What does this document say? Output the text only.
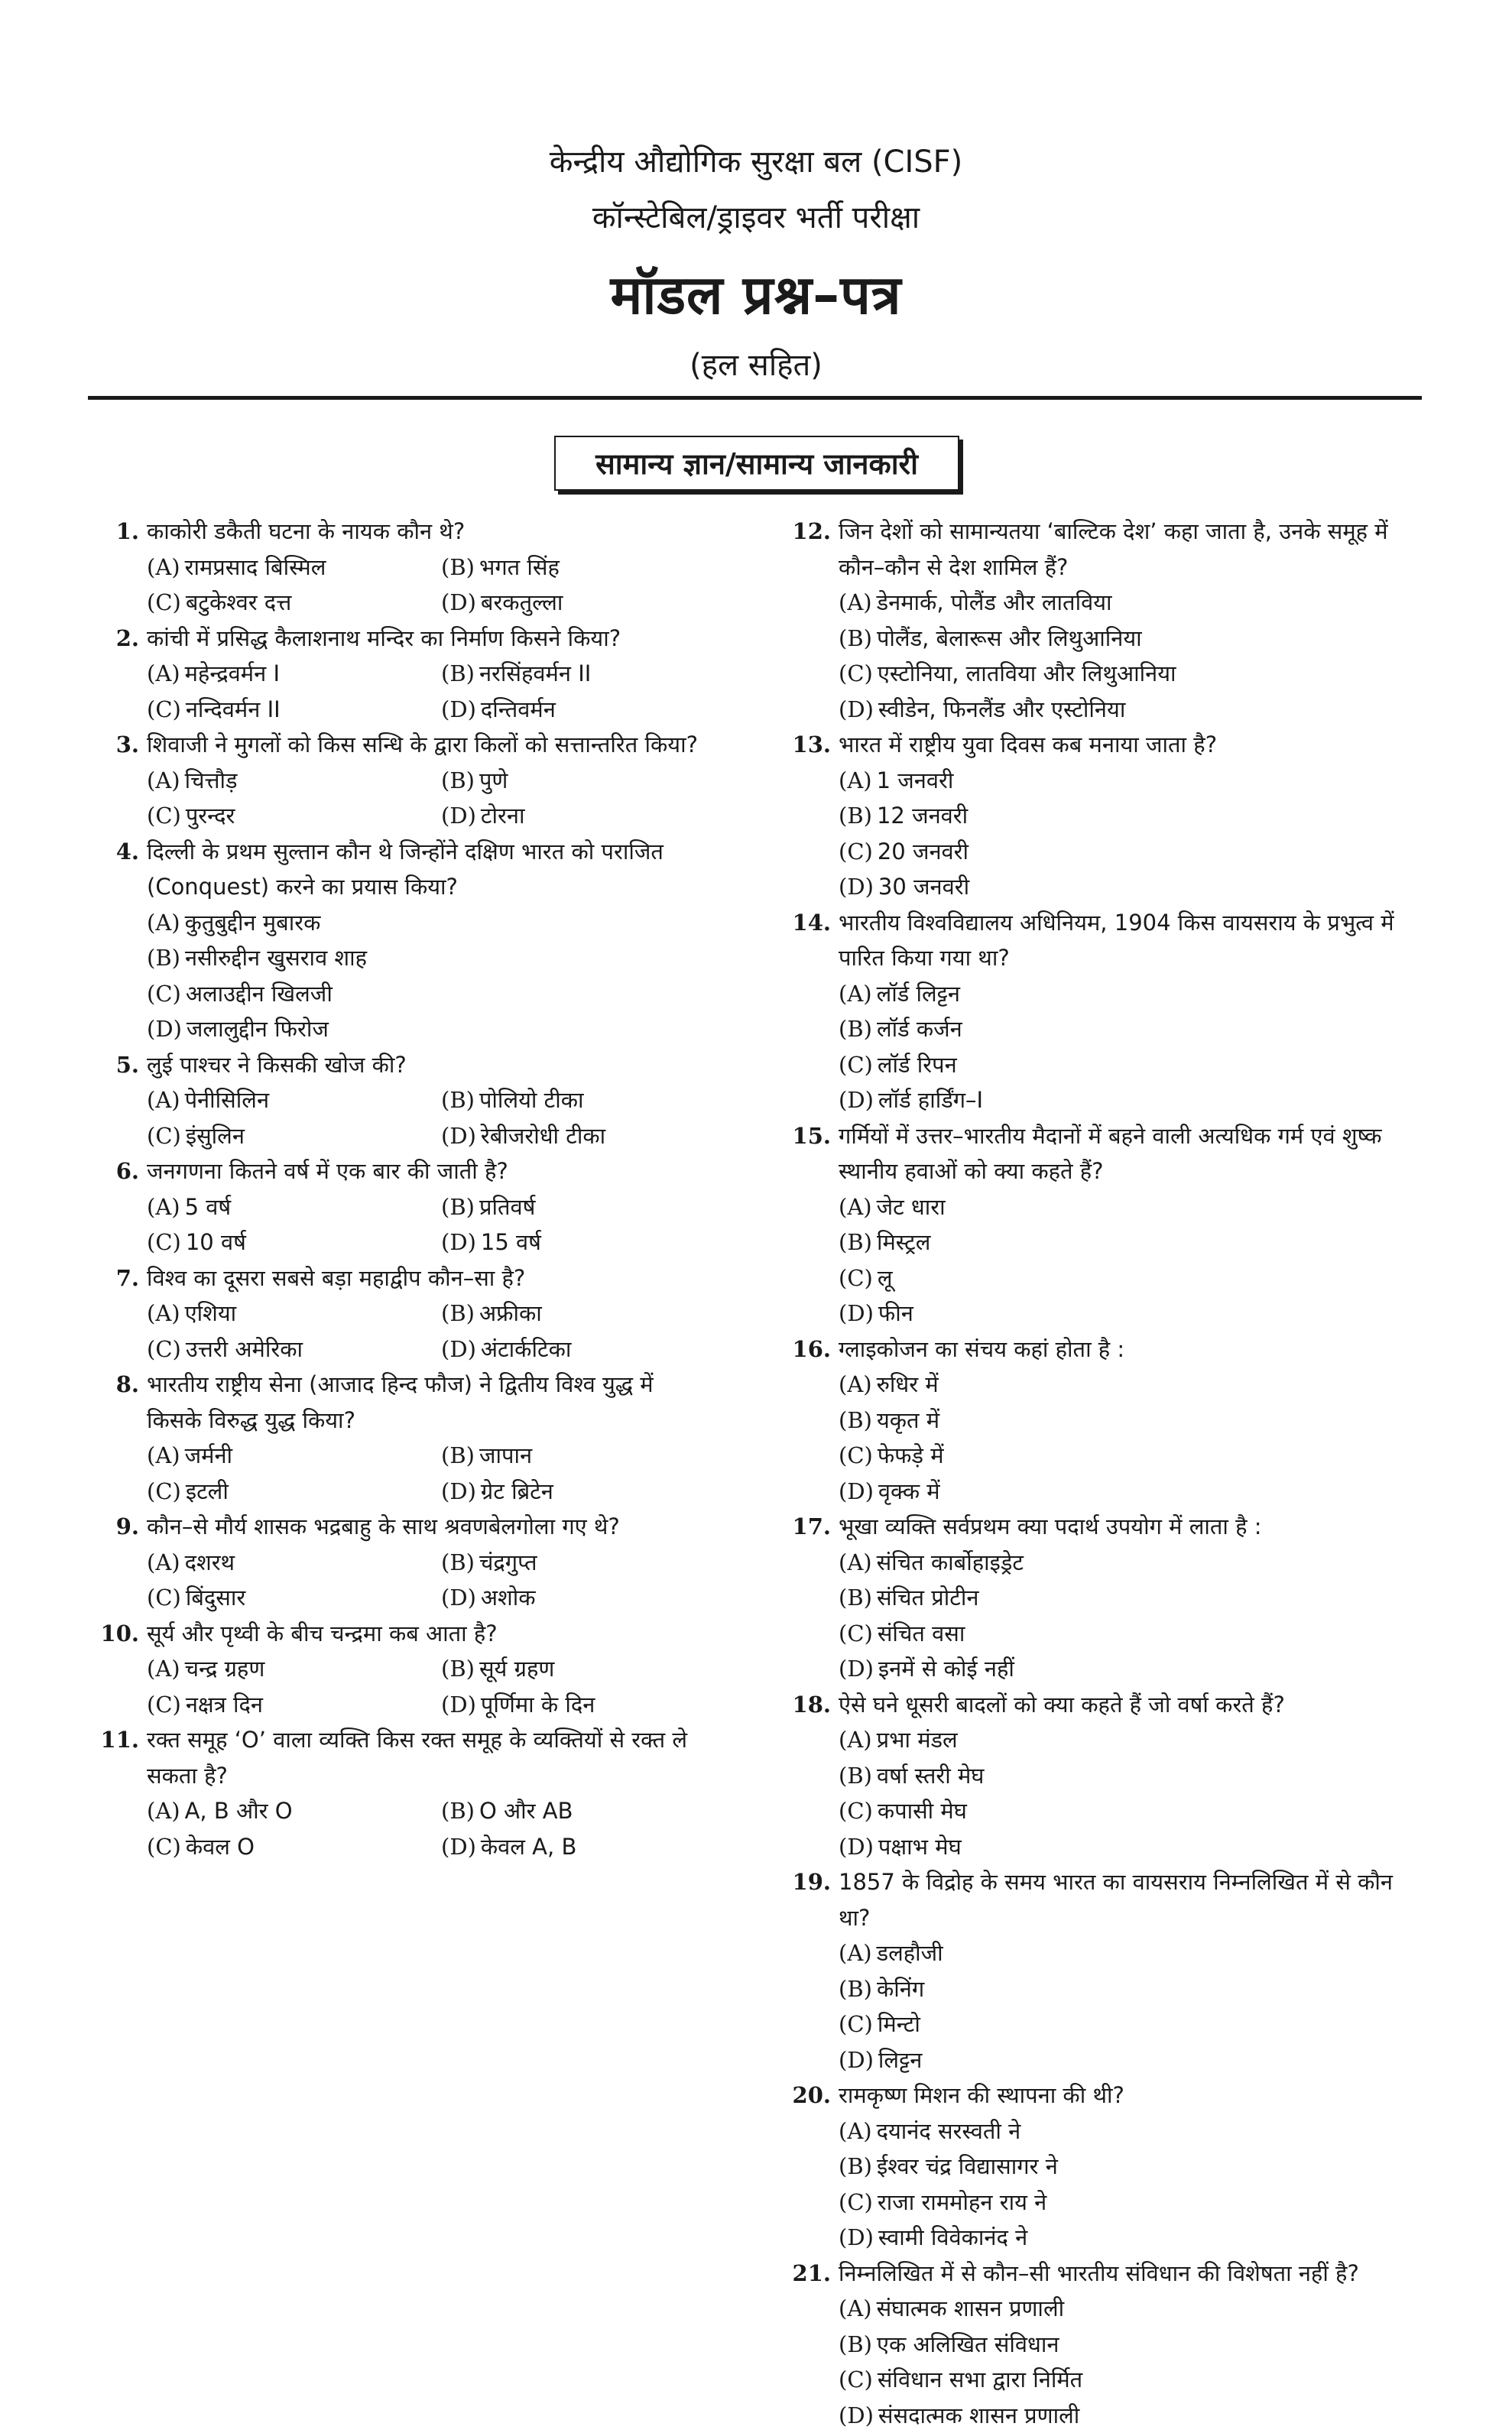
केन्द्रीय औद्योगिक सुरक्षा बल (CISF)
कॉन्स्टेबिल/ड्राइवर भर्ती परीक्षा
मॉडल प्रश्न–पत्र
(हल सहित)
सामान्य ज्ञान/सामान्य जानकारी
1. काकोरी डकैती घटना के नायक कौन थे?
(A) रामप्रसाद बिस्मिल	(B) भगत सिंह
(C) बटुकेश्वर दत्त	(D) बरकतुल्ला
2. कांची में प्रसिद्ध कैलाशनाथ मन्दिर का निर्माण किसने किया?
(A) महेन्द्रवर्मन I	(B) नरसिंहवर्मन II
(C) नन्दिवर्मन II	(D) दन्तिवर्मन
3. शिवाजी ने मुगलों को किस सन्धि के द्वारा किलों को सत्तान्तरित किया?
(A) चित्तौड़	(B) पुणे
(C) पुरन्दर	(D) टोरना
4. दिल्ली के प्रथम सुल्तान कौन थे जिन्होंने दक्षिण भारत को पराजित
(Conquest) करने का प्रयास किया?
(A) कुतुबुद्दीन मुबारक
(B) नसीरुद्दीन खुसराव शाह
(C) अलाउद्दीन खिलजी
(D) जलालुद्दीन फिरोज
5. लुई पाश्चर ने किसकी खोज की?
(A) पेनीसिलिन	(B) पोलियो टीका
(C) इंसुलिन	(D) रेबीजरोधी टीका
6. जनगणना कितने वर्ष में एक बार की जाती है?
(A) 5 वर्ष	(B) प्रतिवर्ष
(C) 10 वर्ष	(D) 15 वर्ष
7. विश्व का दूसरा सबसे बड़ा महाद्वीप कौन–सा है?
(A) एशिया	(B) अफ्रीका
(C) उत्तरी अमेरिका	(D) अंटार्कटिका
8. भारतीय राष्ट्रीय सेना (आजाद हिन्द फौज) ने द्वितीय विश्व युद्ध में
किसके विरुद्ध युद्ध किया?
(A) जर्मनी	(B) जापान
(C) इटली	(D) ग्रेट ब्रिटेन
9. कौन–से मौर्य शासक भद्रबाहु के साथ श्रवणबेलगोला गए थे?
(A) दशरथ	(B) चंद्रगुप्त
(C) बिंदुसार	(D) अशोक
10. सूर्य और पृथ्वी के बीच चन्द्रमा कब आता है?
(A) चन्द्र ग्रहण	(B) सूर्य ग्रहण
(C) नक्षत्र दिन	(D) पूर्णिमा के दिन
11. रक्त समूह ‘O’ वाला व्यक्ति किस रक्त समूह के व्यक्तियों से रक्त ले
सकता है?
(A) A, B और O	(B) O और AB
(C) केवल O	(D) केवल A, B
12. जिन देशों को सामान्यतया ‘बाल्टिक देश’ कहा जाता है, उनके समूह में
कौन–कौन से देश शामिल हैं?
(A) डेनमार्क, पोलैंड और लातविया
(B) पोलैंड, बेलारूस और लिथुआनिया
(C) एस्टोनिया, लातविया और लिथुआनिया
(D) स्वीडेन, फिनलैंड और एस्टोनिया
13. भारत में राष्ट्रीय युवा दिवस कब मनाया जाता है?
(A) 1 जनवरी
(B) 12 जनवरी
(C) 20 जनवरी
(D) 30 जनवरी
14. भारतीय विश्वविद्यालय अधिनियम, 1904 किस वायसराय के प्रभुत्व में
पारित किया गया था?
(A) लॉर्ड लिट्टन
(B) लॉर्ड कर्जन
(C) लॉर्ड रिपन
(D) लॉर्ड हार्डिंग–I
15. गर्मियों में उत्तर–भारतीय मैदानों में बहने वाली अत्यधिक गर्म एवं शुष्क
स्थानीय हवाओं को क्या कहते हैं?
(A) जेट धारा
(B) मिस्ट्रल
(C) लू
(D) फीन
16. ग्लाइकोजन का संचय कहां होता है :
(A) रुधिर में
(B) यकृत में
(C) फेफड़े में
(D) वृक्क में
17. भूखा व्यक्ति सर्वप्रथम क्या पदार्थ उपयोग में लाता है :
(A) संचित कार्बोहाइड्रेट
(B) संचित प्रोटीन
(C) संचित वसा
(D) इनमें से कोई नहीं
18. ऐसे घने धूसरी बादलों को क्या कहते हैं जो वर्षा करते हैं?
(A) प्रभा मंडल
(B) वर्षा स्तरी मेघ
(C) कपासी मेघ
(D) पक्षाभ मेघ
19. 1857 के विद्रोह के समय भारत का वायसराय निम्नलिखित में से कौन
था?
(A) डलहौजी
(B) केनिंग
(C) मिन्टो
(D) लिट्टन
20. रामकृष्ण मिशन की स्थापना की थी?
(A) दयानंद सरस्वती ने
(B) ईश्वर चंद्र विद्यासागर ने
(C) राजा राममोहन राय ने
(D) स्वामी विवेकानंद ने
21. निम्नलिखित में से कौन–सी भारतीय संविधान की विशेषता नहीं है?
(A) संघात्मक शासन प्रणाली
(B) एक अलिखित संविधान
(C) संविधान सभा द्वारा निर्मित
(D) संसदात्मक शासन प्रणाली
